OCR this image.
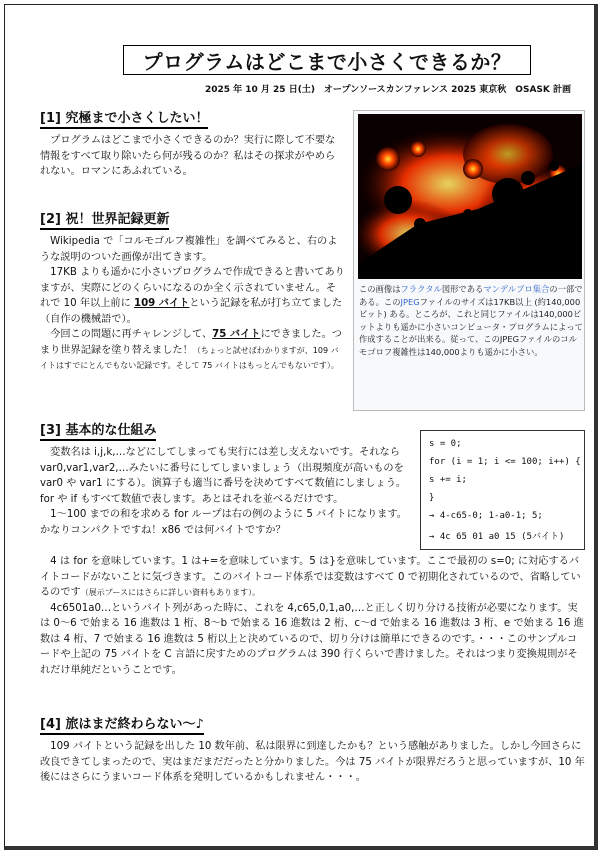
プログラムはどこまで小さくできるか？
2025 年 10 月 25 日(土)　オープンソースカンファレンス 2025 東京秋　OSASK 計画
[1] 究極まで小さくしたい！

　プログラムはどこまで小さくできるのか？実行に際して不要な情報をすべて取り除いたら何が残るのか？私はその探求がやめられない。ロマンにあふれている。

[2] 祝！世界記録更新

　Wikipedia で「コルモゴルフ複雑性」を調べてみると、右のような説明のついた画像が出てきます。

　17KB よりも遥かに小さいプログラムで作成できると書いてありますが、実際にどのくらいになるのか全く示されていません。それで 10 年以上前に 109 バイトという記録を私が打ち立てました（自作の機械語で）。

　今回この問題に再チャレンジして、75 バイトにできました。つまり世界記録を塗り替えました！（ちょっと試せばわかりますが、109 バイトはすでにとんでもない記録です。そして 75 バイトはもっとんでもないです）。

この画像はフラクタル図形であるマンデルブロ集合の一部である。このJPEGファイルのサイズは17KB以上 (約140,000ビット) ある。ところが、これと同じファイルは140,000ビットよりも遥かに小さいコンピュータ・プログラムによって作成することが出来る。従って、このJPEGファイルのコルモゴロフ複雑性は140,000よりも遥かに小さい。
[3] 基本的な仕組み

　変数名は i,j,k,…などにしてしまっても実行には差し支えないです。それなら var0,var1,var2,…みたいに番号にしてしまいましょう（出現頻度が高いものを var0 や var1 にする）。演算子も適当に番号を決めてすべて数値にしましょう。for や if もすべて数値で表します。あとはそれを並べるだけです。

　1～100 までの和を求める for ループは右の例のように 5 バイトになります。かなりコンパクトですね！x86 では何バイトですか？

　4 は for を意味しています。1 は+=を意味しています。5 は}を意味しています。ここで最初の s=0; に対応するバイトコードがないことに気づきます。このバイトコード体系では変数はすべて 0 で初期化されているので、省略しているのです（展示ブースにはさらに詳しい資料もあります）。

　4c6501a0…というバイト列があった時に、これを 4,c65,0,1,a0,…と正しく切り分ける技術が必要になります。実は 0～6 で始まる 16 進数は 1 桁、8～b で始まる 16 進数は 2 桁、c～d で始まる 16 進数は 3 桁、e で始まる 16 進数は 4 桁、7 で始まる 16 進数は 5 桁以上と決めているので、切り分けは簡単にできるのです。・・・このサンプルコードや上記の 75 バイトを C 言語に戻すためのプログラムは 390 行くらいで書けました。それはつまり変換規則がそれだけ単純だということです。

s = 0;
for (i = 1; i <= 100; i++) {
s += i;
}
→ 4-c65-0; 1-a0-1; 5;
→ 4c 65 01 a0 15 (5バイト)
[4] 旅はまだ終わらない～♪

　109 バイトという記録を出した 10 数年前、私は限界に到達したかも？という感触がありました。しかし今回さらに改良できてしまったので、実はまだまだだったと分かりました。今は 75 バイトが限界だろうと思っていますが、10 年後にはさらにうまいコード体系を発明しているかもしれません・・・。
